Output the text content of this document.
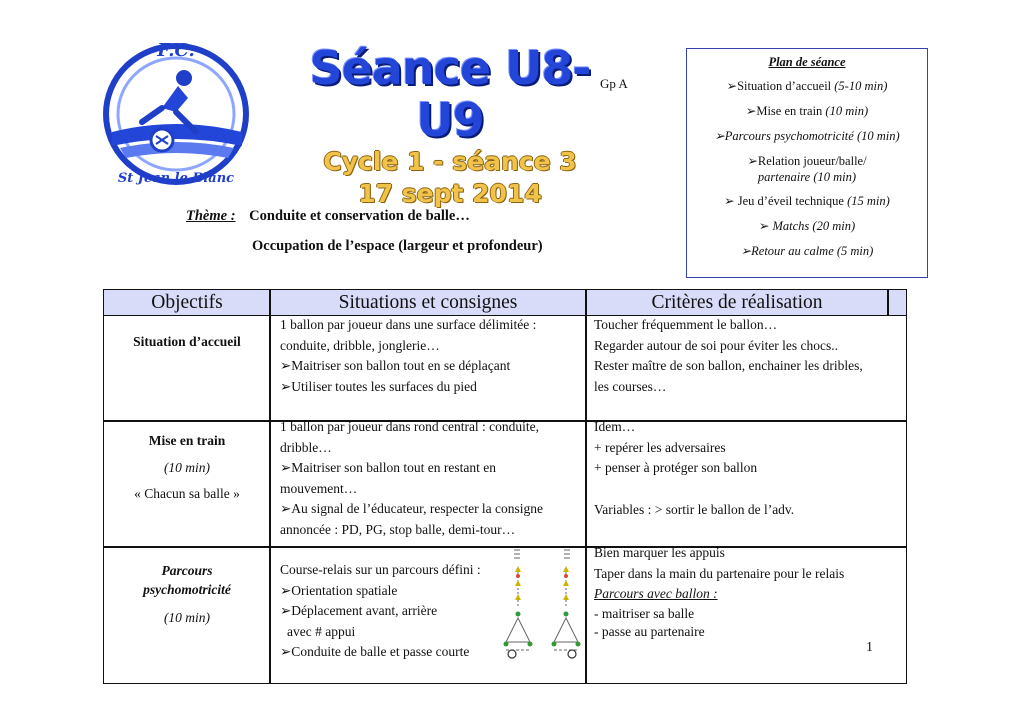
F.C.
St Jean le Blanc
Séance U8-U9
Cycle 1 - séance 3
17 sept 2014
Gp A
Thème : Conduite et conservation de balle…
Occupation de l’espace (largeur et profondeur)
Plan de séance
➢Situation d’accueil (5-10 min)
➢Mise en train (10 min)
➢Parcours psychomotricité (10 min)
➢Relation joueur/balle/
partenaire (10 min)
➢ Jeu d’éveil technique (15 min)
➢ Matchs (20 min)
➢Retour au calme (5 min)
Objectifs	Situations et consignes	Critères de réalisation
Situation d’accueil
1 ballon par joueur dans une surface délimitée :
conduite, dribble, jonglerie…
➢Maitriser son ballon tout en se déplaçant
➢Utiliser toutes les surfaces du pied
Toucher fréquemment le ballon…
Regarder autour de soi pour éviter les chocs..
Rester maître de son ballon, enchainer les dribles,
les courses…
Mise en train
(10 min)
« Chacun sa balle »
1 ballon par joueur dans rond central : conduite,
dribble…
➢Maitriser son ballon tout en restant en
mouvement…
➢Au signal de l’éducateur, respecter la consigne
annoncée : PD, PG, stop balle, demi-tour…
Idem…
+ repérer les adversaires
+ penser à protéger son ballon
Variables : > sortir le ballon de l’adv.
Parcours
psychomotricité
(10 min)
Course-relais sur un parcours défini :
➢Orientation spatiale
➢Déplacement avant, arrière
avec # appui
➢Conduite de balle et passe courte
Bien marquer les appuis
Taper dans la main du partenaire pour le relais
Parcours avec ballon :
- maitriser sa balle
- passe au partenaire
1
